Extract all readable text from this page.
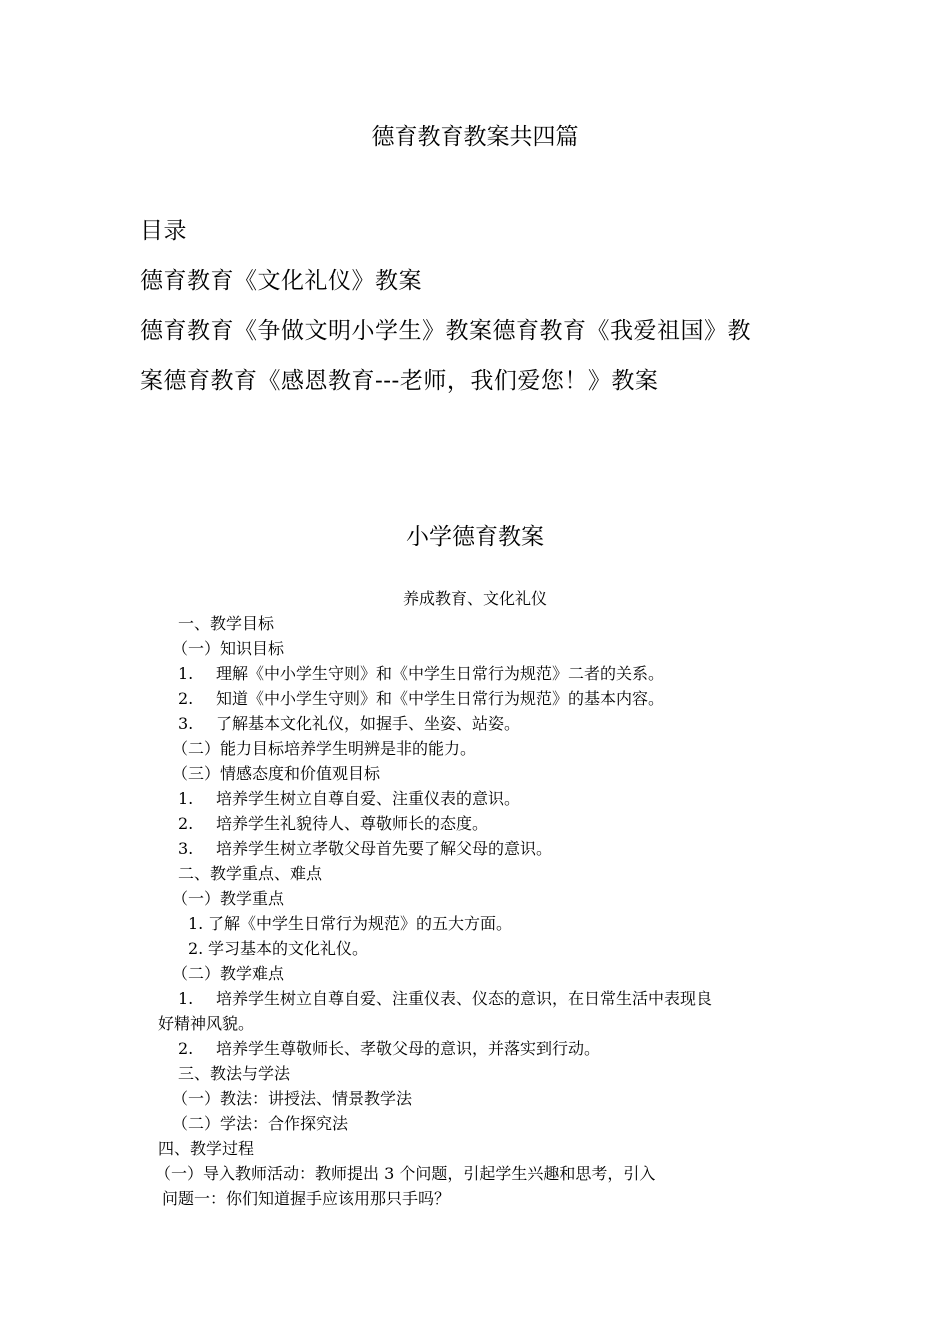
德育教育教案共四篇
目录
德育教育《文化礼仪》教案
德育教育《争做文明小学生》教案德育教育《我爱祖国》教
案德育教育《感恩教育---老师，我们爱您！》教案
小学德育教案
养成教育、文化礼仪
一、教学目标
（一）知识目标
1. 理解《中小学生守则》和《中学生日常行为规范》二者的关系。
2. 知道《中小学生守则》和《中学生日常行为规范》的基本内容。
3. 了解基本文化礼仪，如握手、坐姿、站姿。
（二）能力目标培养学生明辨是非的能力。
（三）情感态度和价值观目标
1. 培养学生树立自尊自爱、注重仪表的意识。
2. 培养学生礼貌待人、尊敬师长的态度。
3. 培养学生树立孝敬父母首先要了解父母的意识。
二、教学重点、难点
（一）教学重点
1. 了解《中学生日常行为规范》的五大方面。
2. 学习基本的文化礼仪。
（二）教学难点
1. 培养学生树立自尊自爱、注重仪表、仪态的意识，在日常生活中表现良
好精神风貌。
2. 培养学生尊敬师长、孝敬父母的意识，并落实到行动。
三、教法与学法
（一）教法：讲授法、情景教学法
（二）学法：合作探究法
四、教学过程
（一）导入教师活动：教师提出 3 个问题，引起学生兴趣和思考，引入
问题一：你们知道握手应该用那只手吗？
